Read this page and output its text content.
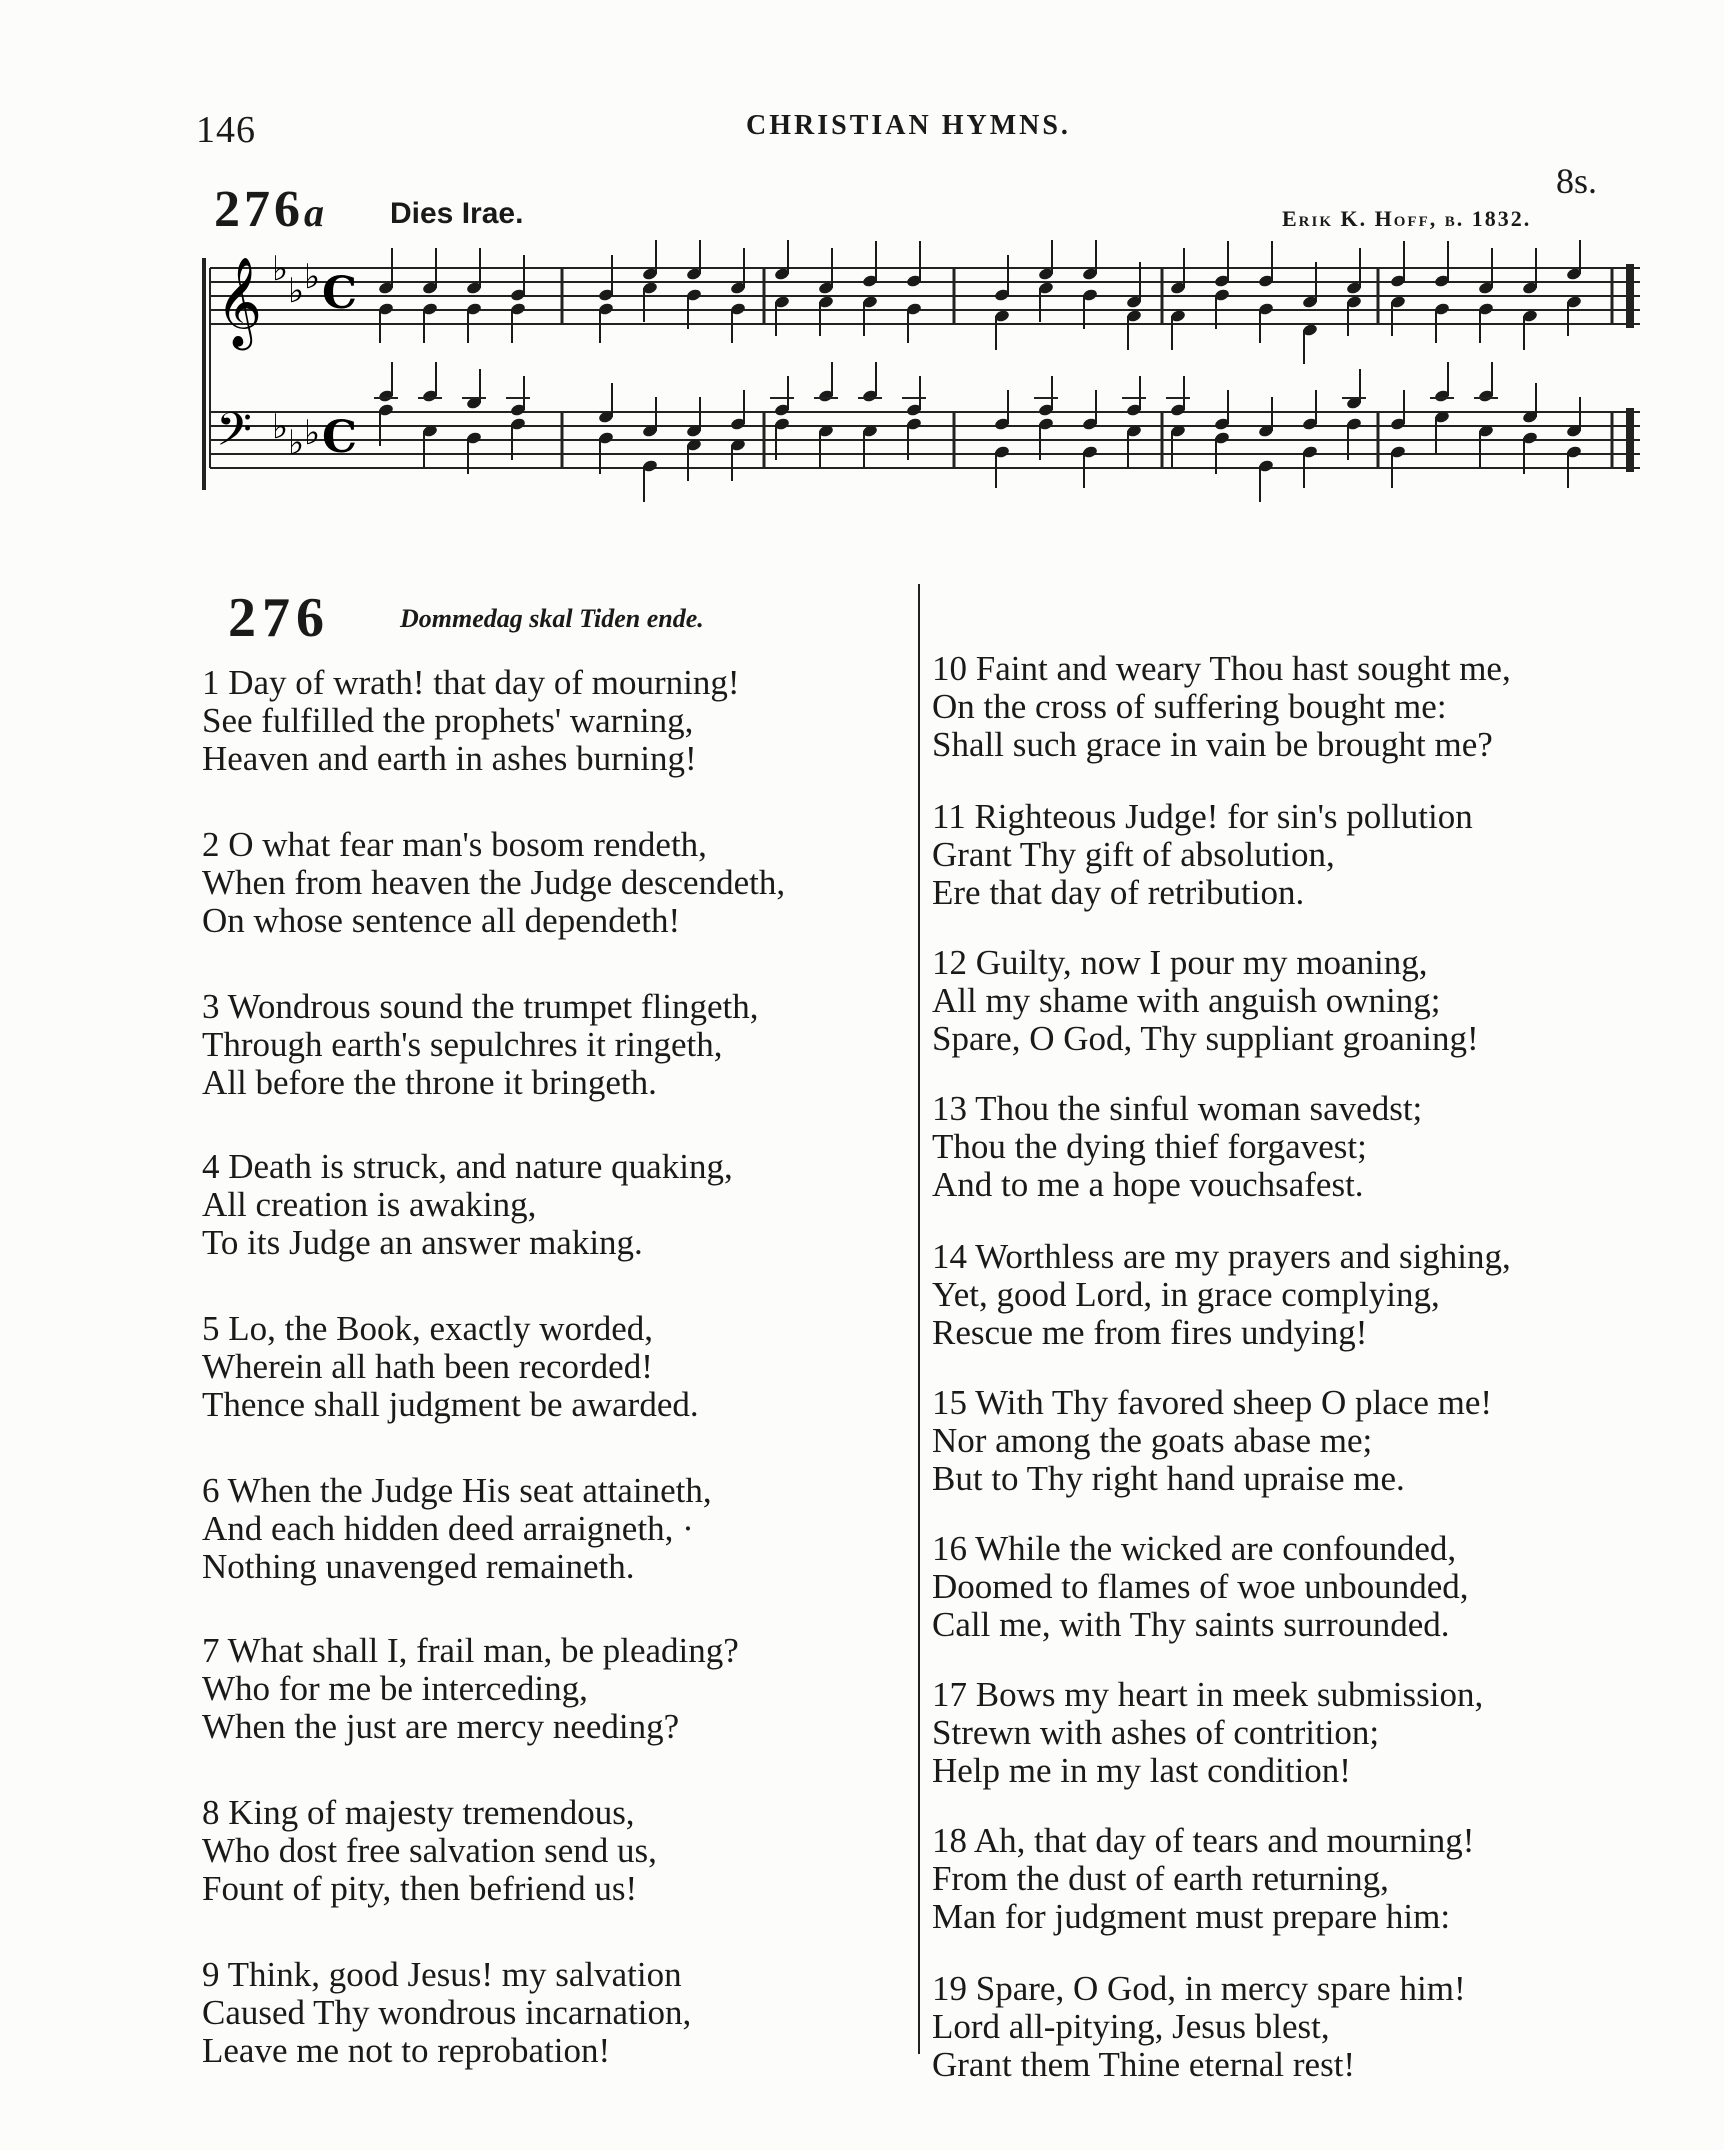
146	CHRISTIAN HYMNS.
276a Dies Irae.
8s.
Erik K. Hoff, b. 1832.
𝄞
𝄢
♭
♭ ♭
♭ ♭ ♭
C
C
276	Dommedag skal Tiden ende.
1 Day of wrath! that day of mourning!
See fulfilled the prophets' warning,
Heaven and earth in ashes burning!
2 O what fear man's bosom rendeth,
When from heaven the Judge descendeth,
On whose sentence all dependeth!
3 Wondrous sound the trumpet flingeth,
Through earth's sepulchres it ringeth,
All before the throne it bringeth.
4 Death is struck, and nature quaking,
All creation is awaking,
To its Judge an answer making.
5 Lo, the Book, exactly worded,
Wherein all hath been recorded!
Thence shall judgment be awarded.
6 When the Judge His seat attaineth,
And each hidden deed arraigneth, ·
Nothing unavenged remaineth.
7 What shall I, frail man, be pleading?
Who for me be interceding,
When the just are mercy needing?
8 King of majesty tremendous,
Who dost free salvation send us,
Fount of pity, then befriend us!
9 Think, good Jesus! my salvation
Caused Thy wondrous incarnation,
Leave me not to reprobation!
10 Faint and weary Thou hast sought me,
On the cross of suffering bought me:
Shall such grace in vain be brought me?
11 Righteous Judge! for sin's pollution
Grant Thy gift of absolution,
Ere that day of retribution.
12 Guilty, now I pour my moaning,
All my shame with anguish owning;
Spare, O God, Thy suppliant groaning!
13 Thou the sinful woman savedst;
Thou the dying thief forgavest;
And to me a hope vouchsafest.
14 Worthless are my prayers and sighing,
Yet, good Lord, in grace complying,
Rescue me from fires undying!
15 With Thy favored sheep O place me!
Nor among the goats abase me;
But to Thy right hand upraise me.
16 While the wicked are confounded,
Doomed to flames of woe unbounded,
Call me, with Thy saints surrounded.
17 Bows my heart in meek submission,
Strewn with ashes of contrition;
Help me in my last condition!
18 Ah, that day of tears and mourning!
From the dust of earth returning,
Man for judgment must prepare him:
19 Spare, O God, in mercy spare him!
Lord all-pitying, Jesus blest,
Grant them Thine eternal rest!
